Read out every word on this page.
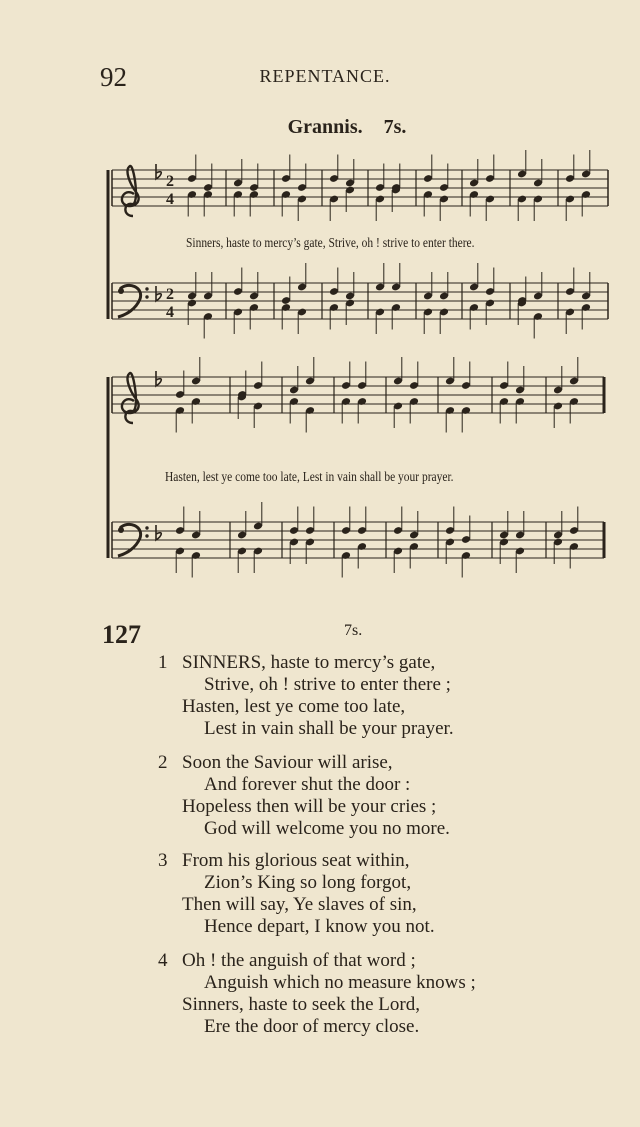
92	REPENTANCE.
Grannis. 7s.
2
4
2
4
Sinners, haste to mercy’s gate, Strive, oh ! strive to enter there.
Hasten, lest ye come too late, Lest in vain shall be your prayer.
127	7s.
1 SINNERS, haste to mercy’s gate,
Strive, oh ! strive to enter there ;
Hasten, lest ye come too late,
Lest in vain shall be your prayer.
2 Soon the Saviour will arise,
And forever shut the door :
Hopeless then will be your cries ;
God will welcome you no more.
3 From his glorious seat within,
Zion’s King so long forgot,
Then will say, Ye slaves of sin,
Hence depart, I know you not.
4 Oh ! the anguish of that word ;
Anguish which no measure knows ;
Sinners, haste to seek the Lord,
Ere the door of mercy close.
